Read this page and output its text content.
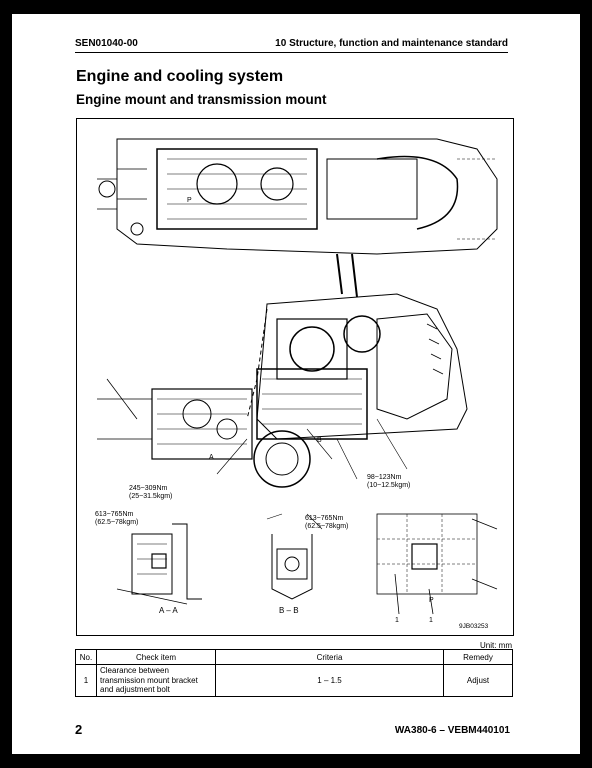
SEN01040-00	10 Structure, function and maintenance standard
Engine and cooling system
Engine mount and transmission mount
98~123Nm
(10~12.5kgm)
245~309Nm
(25~31.5kgm)
613~765Nm
(62.5~78kgm)
613~765Nm
(62.5~78kgm)
A – A	B – B
A
B
P
P
1	1
9JB03253
Unit: mm
No.	Check item	Criteria	Remedy
1	Clearance between transmission mount bracket and adjustment bolt	1 – 1.5	Adjust
2	WA380-6 – VEBM440101
